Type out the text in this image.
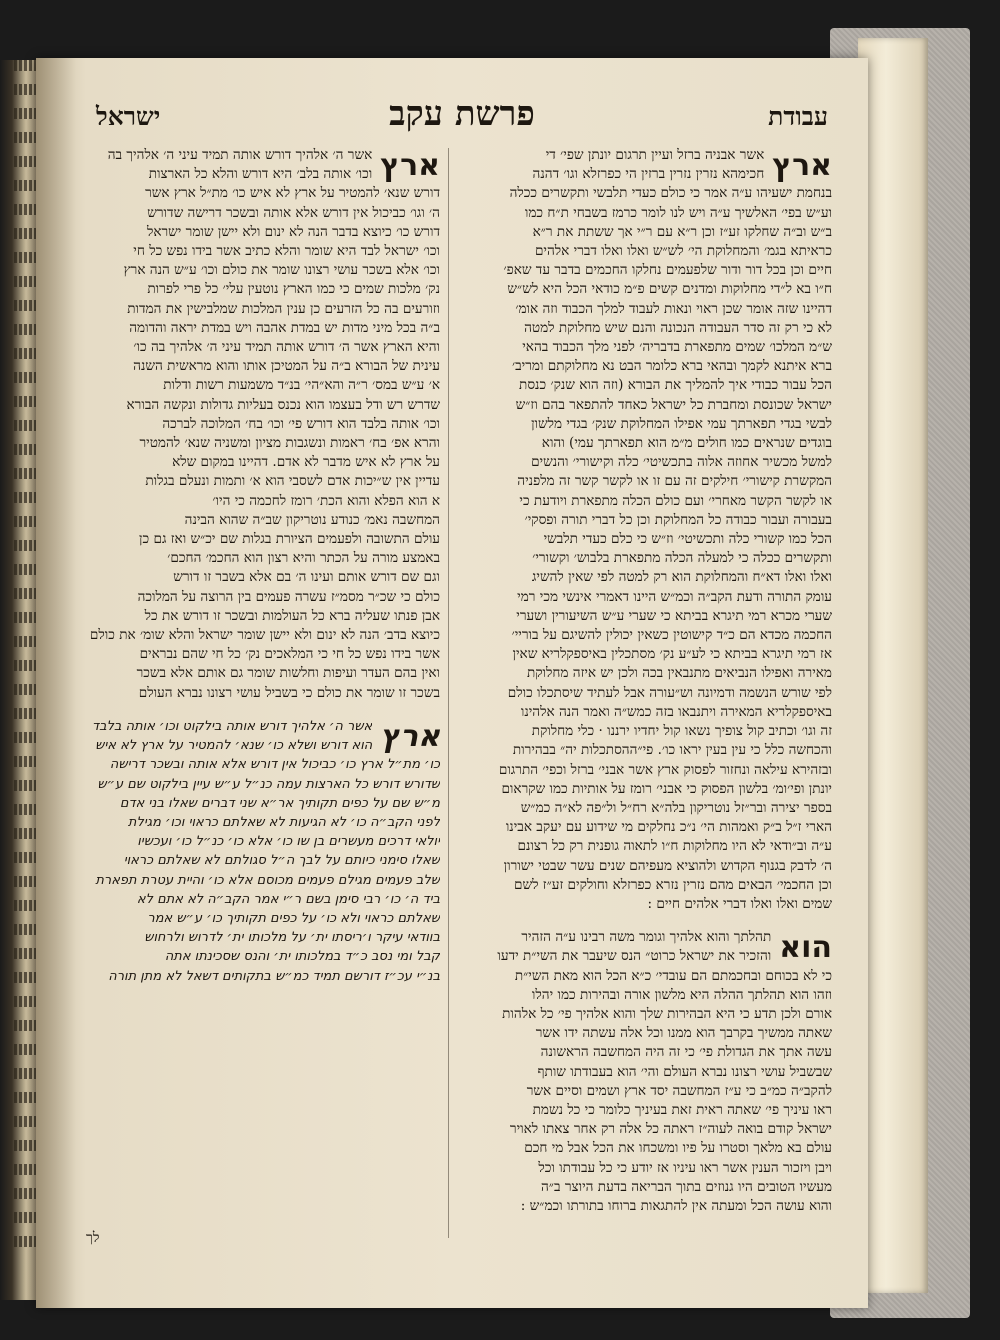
עבודת
פרשת עקב
ישראל
ארץ
אשר אבניה ברזל ועיין תרגום יונתן שפי׳ די
חכימהא נזרין נזרין ברזין הי כפרזלא וגו׳ דהנה
בנחמת ישעיהו ע״ה אמר כי כולם כעדי תלבשי ותקשרים ככלה
וע״ש בפי׳ האלשיך ע״ה ויש לנו לומר כרמז בשבחי ת״ח כמו
ב״ש וב״ה שחלקו זע״ז וכן ר״א עם ר״י אך ששתת את ר״א
כראיתא בגמ׳ והמחלוקת הי׳ לש״ש ואלו ואלו דברי אלהים
חיים וכן בכל דור ודור שלפעמים נחלקו החכמים בדבר עד שאפ׳
ח״ו בא ל״די מחלוקות ומדנים קשים פ״מ כודאי הכל היא לש״ש
דהיינו שזה אומר שכן ראוי ונאות לעבוד למלך הכבוד וזה אומ׳
לא כי רק זה סדר העבודה הנכונה והנם שיש מחלוקת למטה
ש״מ המלכו׳ שמים מתפארת בדבריה׳ לפני מלך הכבוד בהאי
ברא איתנא לקמך ובהאי ברא כלומר הבט נא מחלוקתם ומריב׳
הכל עבור כבודי איך להמליך את הבורא (וזה הוא שנק׳ כנסת
ישראל שכונסת ומחברת כל ישראל כאחד להתפאר בהם וז״ש
לבשי בגדי תפארתך עמי אפילו המחלוקת שנק׳ בגדי מלשון
בוגדים שנראים כמו חולים מ״מ הוא תפארתך עמי) והוא
למשל מכשיר אחוזה אלוה בתכשיטי׳ כלה וקישורי׳ והנשים
המקשרת קישורי׳ חילקים זה עם זו או לקשר קשר זה מלפניה
או לקשר הקשר מאחרי׳ ועם כולם הכלה מתפארת ויודעת כי
בעבורה ועבור כבודה כל המחלוקת וכן כל דברי תורה ופסקי׳
הכל כמו קשורי כלה ותכשיטי׳ וז״ש כי כלם כעדי תלבשי
ותקשרים ככלה כי למעלה הכלה מתפארת בלבוש׳ וקשורי׳
ואלו ואלו דא״ח והמחלוקת הוא רק למטה לפי שאין להשיג
עומק התורה ודעת הקב״ה וכמ״ש היינו דאמרי אינשי מכי רמי
שערי מכרא רמי תיגרא בביתא כי שערי ע״ש השיעורין ושערי
החכמה מכדא הם כ״ד קישוטין כשאין יכולין להשיגם על בוריי׳
אז רמי תיגרא בביתא כי לע״ע נק׳ מסתכלין באיספקלריא שאין
מאירה ואפילו הנביאים מתנבאין בכה ולכן יש איזה מחלוקת
לפי שורש הנשמה ודמיונה וש״עורה אבל לעתיד שיסתכלו כולם
באיספקלריא המאירה ויתנבאו בזה כמש״ה ואמר הנה אלהינו
זה וגו׳ וכתיב קול צופיך נשאו קול יחדיו ירננו · כלי מחלוקת
והכחשה כלל כי עין בעין יראו כו׳. פי״ההסתכלות יה״ בבהירות
ובזהירא עילאה ונחזור לפסוק ארץ אשר אבני׳ ברזל וכפי׳ התרגום
יונתן ופי׳ומ׳ בלשון הפסוק כי אבני׳ רומז על אותיות כמו שקראום
בספר יצירה ובר״זל נוטריקון בלה״א רח״ל ול״פה לא״ה כמ״ש
הארי ז״ל ב״ק ואמהות הי׳ נ״כ נחלקים מי שידוע עם יעקב אבינו
ע״ה וב״ודאי לא היו מחלוקות ח״ו לתאוה גופנית רק כל רצונם
ה׳ לדבק בגנוף הקדוש ולהוציא מעפיהם שנים עשר שבטי ישורון
וכן החכמי׳ הבאים מהם נזרין נזרא כפרזלא וחולקים זע״ז לשם
שמים ואלו ואלו דברי אלהים חיים :
הוא
תהלתך והוא אלהיך וגומר משה רבינו ע״ה הזהיר
והזכיר את ישראל כרוט״ הנס שיעבר את השי״ת ידעו
כי לא בכוחם ובחכמתם הם עובדי׳ כ״א הכל הוא מאת השי״ת
וזהו הוא תהלתך ההלה היא מלשון אורה ובהירות כמו יהלו
אורם ולכן תדע כי היא הבהירות שלך והוא אלהיך פי׳ כל אלהות
שאתה ממשיך בקרבך הוא ממנו וכל אלה עשתה ידו אשר
עשה אתך את הגדולת פי׳ כי זה היה המחשבה הראשונה
שבשביל עושי רצונו נברא העולם והי׳ הוא בעבודתו שותף
להקב״ה כמ״ב כי ע״ז המחשבה יסד ארץ ושמים וסיים אשר
ראו עיניך פי׳ שאתה ראית זאת בעיניך כלומר כי כל נשמת
ישראל קודם בואה לעוה״ז ראתה כל אלה רק אחר צאתו לאויר
עולם בא מלאך וסטרו על פיו ומשכחו את הכל אבל מי חכם
ויבן ויזכור הענין אשר ראו עיניו אז יודע כי כל עבודתו וכל
מעשיו הטובים היו גנוזים בתוך הבריאה בדעת היוצר ב״ה
והוא עושה הכל ומעתה אין להתגאות ברוחו בתורתו וכמ״ש :
ארץ
אשר ה׳ אלהיך דורש אותה תמיד עיני ה׳ אלהיך בה
וכו׳ אותה בלב׳ היא דורש והלא כל הארצות
דורש שנא׳ להמטיר על ארץ לא איש כו׳ מת״ל ארץ אשר
ה׳ וגו׳ כביכול אין דורש אלא אותה ובשכר דרישה שדורש
דורש כו׳ כיוצא בדבר הנה לא ינום ולא יישן שומר ישראל
וכו׳ ישראל לבד היא שומר והלא כתיב אשר בידו נפש כל חי
וכו׳ אלא בשכר עושי רצונו שומר את כולם וכו׳ ע״ש הנה ארץ
נק׳ מלכות שמים כי כמו הארץ נוטעין עלי׳ כל פרי לפרות
וזורעים בה כל הזרעים כן ענין המלכות שמלבישין את המדות
ב״ה בכל מיני מדות יש במדת אהבה ויש במדת יראה והדומה
והיא הארץ אשר ה׳ דורש אותה תמיד עיני ה׳ אלהיך בה כו׳
עינית של הבורא ב״ה על המטיכן אותו והוא מראשית השנה
א׳ ע״ש במס׳ ר״ה והא״הי׳ בנ״ד משמעות רשות ודלות
שדרש רש ודל בעצמו הוא נכנס בעליות גדולות ונקשה הבורא
וכו׳ אותה בלבד הוא דורש פי׳ וכו׳ בח׳ המלוכה לברכה
והרא אפ׳ בח׳ ראמות ונשגבות מציון ומשניה שנא׳ להמטיר
על ארץ לא איש מדבר לא אדם. דהיינו במקום שלא
עדיין אין ש״יכות אדם לשסבי הוא א׳ ותמות ונעלם בגלות
א הוא הפלא והוא הכת׳ רומז לחכמה כי היו׳
המחשבה נאמ׳ כנודע נוטריקון שב״ה שהוא הבינה
עולם התשובה ולפעמים הציורת בגלות שם יכ״ש ואז גם כן
באמצע מורה על הכתר והיא רצון הוא החכמ׳ החכם׳
וגם שם דורש אותם ועינו ה׳ בם אלא בשבר זו דורש
כולם כי שכ״ר מסמ״ז עשרה פעמים בין הרוצה על המלוכה
אבן פנתו שעליה ברא כל העולמות ובשכר זו דורש את כל
כיוצא בדב׳ הנה לא ינום ולא יישן שומר ישראל והלא שומ׳ את כולם
אשר בידו נפש כל חי כי המלאכים נק׳ כל חי שהם נבראים
ואין בהם העדר ועיפות וחלשות שומר גם אותם אלא בשכר
בשכר זו שומר את כולם כי בשביל עושי רצונו נברא העולם
ארץ
אשר ה׳ אלהיך דורש אותה בילקוט וכו׳ אותה בלבד
הוא דורש ושלא כו׳ שנא׳ להמטיר על ארץ לא איש
כו׳ מת״ל ארץ כו׳ כביכול אין דורש אלא אותה ובשכר דרישה
שדורש דורש כל הארצות עמה כנ״ל ע״ש עיין בילקוט שם ע״ש
מ״ש שם על כפים תקותיך אר״א שני דברים שאלו בני אדם
לפני הקב״ה כו׳ לא הגיעות לא שאלתם כראוי וכו׳ מגילת
יולאי דרכים מעשרים בן שו כו׳ אלא כו׳ כנ״ל כו׳ ועכשיו
שאלו סימני כיותם על לבך ה״ל סגולתם לא שאלתם כראוי
שלב פעמים מגילם פעמים מכוסם אלא כו׳ והיית עטרת תפארת
ביד ה׳ כו׳ רבי סימן בשם ר״י אמר הקב״ה לא אתם לא
שאלתם כראוי ולא כו׳ על כפים תקותיך כו׳ ע״ש אמר
בוודאי עיקר ו׳ריסתו ית׳ על מלכותו ית׳ לדרוש ולרחוש
קבל ומי נסב כ״ד במלכותו ית׳ והנס שסכינתו אתה
בנ״י עכ״ז דורשם תמיד כמ״ש בתקותים דשאל לא מתן תורה
לך
